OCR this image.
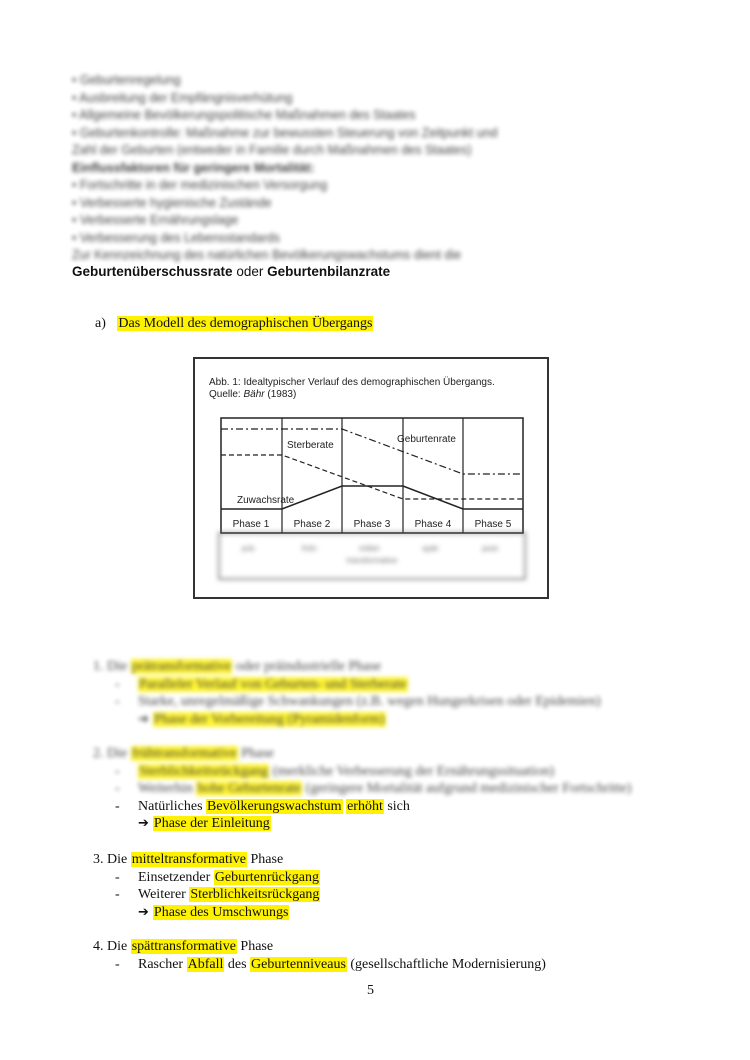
• Geburtenregelung
• Ausbreitung der Empfängnisverhütung
• Allgemeine Bevölkerungspolitische Maßnahmen des Staates
• Geburtenkontrolle: Maßnahme zur bewussten Steuerung von Zeitpunkt und
Zahl der Geburten (entweder in Familie durch Maßnahmen des Staates)
Einflussfaktoren für geringere Mortalität:
• Fortschritte in der medizinischen Versorgung
• Verbesserte hygienische Zustände
• Verbesserte Ernährungslage
• Verbesserung des Lebensstandards
Zur Kennzeichnung des natürlichen Bevölkerungswachstums dient die
Geburtenüberschussrate oder Geburtenbilanzrate
a) Das Modell des demographischen Übergangs
Abb. 1: Idealtypischer Verlauf des demographischen Übergangs.
Quelle: Bähr (1983)
Sterberate
Geburtenrate
Zuwachsrate
Phase 1 Phase 2 Phase 3 Phase 4 Phase 5
prä-	früh-	mittel-	spät-	post-
transformative
1. Die prätransformative oder präindustrielle Phase
- Paralleler Verlauf von Geburten- und Sterberate
- Starke, unregelmäßige Schwankungen (z.B. wegen Hungerkrisen oder Epidemien)
➔ Phase der Vorbereitung (Pyramidenform)
2. Die frühtransformative Phase
- Sterblichkeitsrückgang (merkliche Verbesserung der Ernährungssituation)
- Weiterhin hohe Geburtenrate (geringere Mortalität aufgrund medizinischer Fortschritte)
- Natürliches Bevölkerungswachstum erhöht sich
➔ Phase der Einleitung
3. Die mitteltransformative Phase
- Einsetzender Geburtenrückgang
- Weiterer Sterblichkeitsrückgang
➔ Phase des Umschwungs
4. Die spättransformative Phase
- Rascher Abfall des Geburtenniveaus (gesellschaftliche Modernisierung)
5
